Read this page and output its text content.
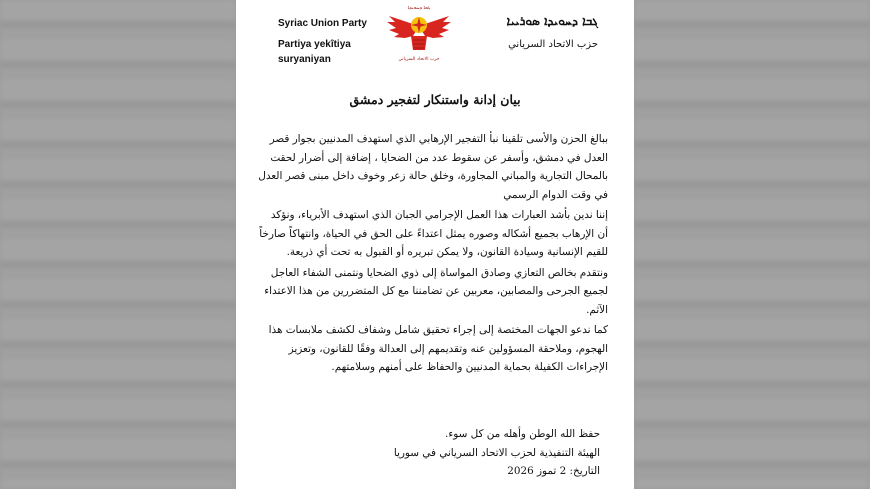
Syriac Union Party
Partiya yekîtiya suryaniyan
ܓܒܐ ܕܚܘܝܕܐ
حزب الاتحاد السرياني
ܓܒܐ ܕܚܘܝܕܐ ܣܘܪܝܝܐ
حزب الاتحاد السرياني
بيان إدانة واستنكار لتفجير دمشق

ببالغ الحزن والأسى تلقينا نبأ التفجير الإرهابي الذي استهدف المدنيين بجوار قصر العدل في دمشق، وأسفر عن سقوط عدد من الضحايا ، إضافة إلى أضرار لحقت بالمحال التجارية والمباني المجاورة، وخلق حالة زعر وخوف داخل مبنى قصر العدل في وقت الدوام الرسمي

إننا ندين بأشد العبارات هذا العمل الإجرامي الجبان الذي استهدف الأبرياء، ونؤكد أن الإرهاب بجميع أشكاله وصوره يمثل اعتداءً على الحق في الحياة، وانتهاكاً صارخاً للقيم الإنسانية وسيادة القانون، ولا يمكن تبريره أو القبول به تحت أي ذريعة.

ونتقدم بخالص التعازي وصادق المواساة إلى ذوي الضحايا ونتمنى الشفاء العاجل لجميع الجرحى والمصابين، معربين عن تضامننا مع كل المتضررين من هذا الاعتداء الآثم.

كما ندعو الجهات المختصة إلى إجراء تحقيق شامل وشفاف لكشف ملابسات هذا الهجوم، وملاحقة المسؤولين عنه وتقديمهم إلى العدالة وفقًا للقانون، وتعزيز الإجراءات الكفيلة بحماية المدنيين والحفاظ على أمنهم وسلامتهم.

حفظ الله الوطن وأهله من كل سوء.
الهيئة التنفيذية لحزب الاتحاد السرياني في سوريا
التاريخ: 2 تموز 2026
